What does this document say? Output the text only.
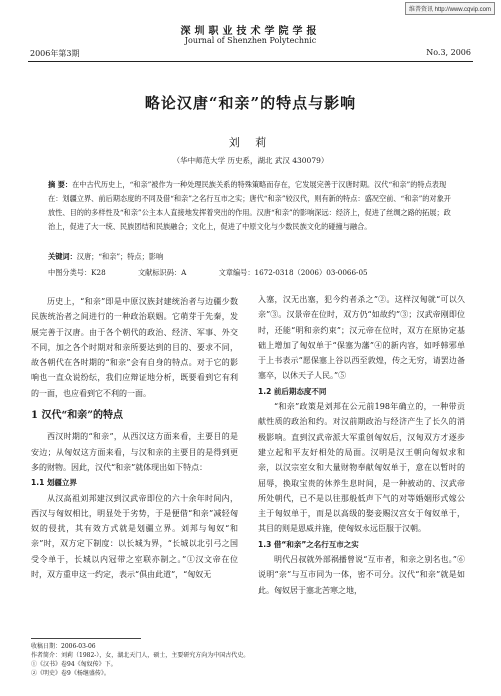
维普资讯 http://www.cqvip.com
深圳职业技术学院学报
Journal of Shenzhen Polytechnic
2006年第3期	No.3, 2006
略论汉唐“和亲”的特点与影响
刘 莉
（华中师范大学 历史系，湖北 武汉 430079）
摘 要：在中古代历史上，“和亲”被作为一种处理民族关系的特殊策略而存在，它发展完善于汉唐时期。汉代“和亲”的特点表现在：划疆立界、前后期态度的不同及借“和亲”之名行互市之实；唐代“和亲”较汉代，则有新的特点：盛况空前、“和亲”的对象开放性、目的的多样性及“和亲”公主本人直接地发挥着突出的作用。汉唐“和亲”的影响深远：经济上，促进了丝绸之路的拓展；政治上，促进了大一统、民族团结和民族融合；文化上，促进了中原文化与少数民族文化的碰撞与融合。
关键词：汉唐；“和亲”；特点；影响
中图分类号：K28	文献标识码：A	文章编号：1672-0318（2006）03-0066-05

历史上，“和亲”即是中原汉族封建统治者与边疆少数民族统治者之间进行的一种政治联姻。它萌芽于先秦，发展完善于汉唐。由于各个朝代的政治、经济、军事、外交不同，加之各个时期对和亲所要达到的目的、要求不同，故各朝代在各时期的“和亲”会有自身的特点。对于它的影响也一直众说纷纭，我们应辩证地分析，既要看到它有利的一面，也应看到它不利的一面。

1 汉代“和亲”的特点

西汉时期的“和亲”，从西汉这方面来看，主要目的是安边；从匈奴这方面来看，与汉和亲的主要目的是得到更多的财物。因此，汉代“和亲”就体现出如下特点：

1.1 划疆立界

从汉高祖刘邦建汉到汉武帝即位的六十余年时间内，西汉与匈奴相比，明显处于劣势，于是便借“和亲”减轻匈奴的侵扰，其有效方式就是划疆立界。刘邦与匈奴“和亲”时，双方定下制度：以长城为界，“长城以北引弓之国受令单于，长城以内冠带之室联亦制之。”①汉文帝在位时，双方重申这一约定，表示“俱由此道”，“匈奴无

入塞，汉无出塞，犯今约者杀之”②。这样汉匈就“可以久亲”③。汉景帝在位时，双方仍“如故约”③；汉武帝刚即位时，还能“明和亲约束”；汉元帝在位时，双方在原协定基础上增加了匈奴单于“保塞为藩”④的新内容，如呼韩邪单于上书表示“愿保塞上谷以西至敦煌，传之无穷，请罢边备塞卒，以休天子人民。”⑤

1.2 前后期态度不同

“和亲”政策是刘邦在公元前198年确立的，一种带贡献性质的政治和约。对汉前期政治与经济产生了长久的消极影响。直到汉武帝派大军重创匈奴后，汉匈双方才逐步建立起和平友好相处的局面。汉明是汉王朝向匈奴求和亲，以汉宗室女和大量财物奉献匈奴单于，意在以暂时的屈辱，换取宝贵的休养生息时间，是一种被动的、汉武帝所处朝代，已不是以往那般低声下气的对等婚姻形式嫁公主于匈奴单于，而是以高级的娶妾赐汉宫女于匈奴单于，其目的则是恩威并施，使匈奴永远臣服于汉朝。

1.3 借“和亲”之名行互市之实

明代吕叔就外部祸播曾说“互市者，和亲之别名也。”⑥说明“亲”与互市同为一体，密不可分。汉代“和亲”就是如此。匈奴居于塞北苦寒之地，

收稿日期：2006-03-06
作者简介：刘莉（1982-），女，湖北天门人，硕士，主要研究方向为中国古代史。
①《汉书》卷94《匈奴传》下。
②《明史》卷9《杨继盛传》。
